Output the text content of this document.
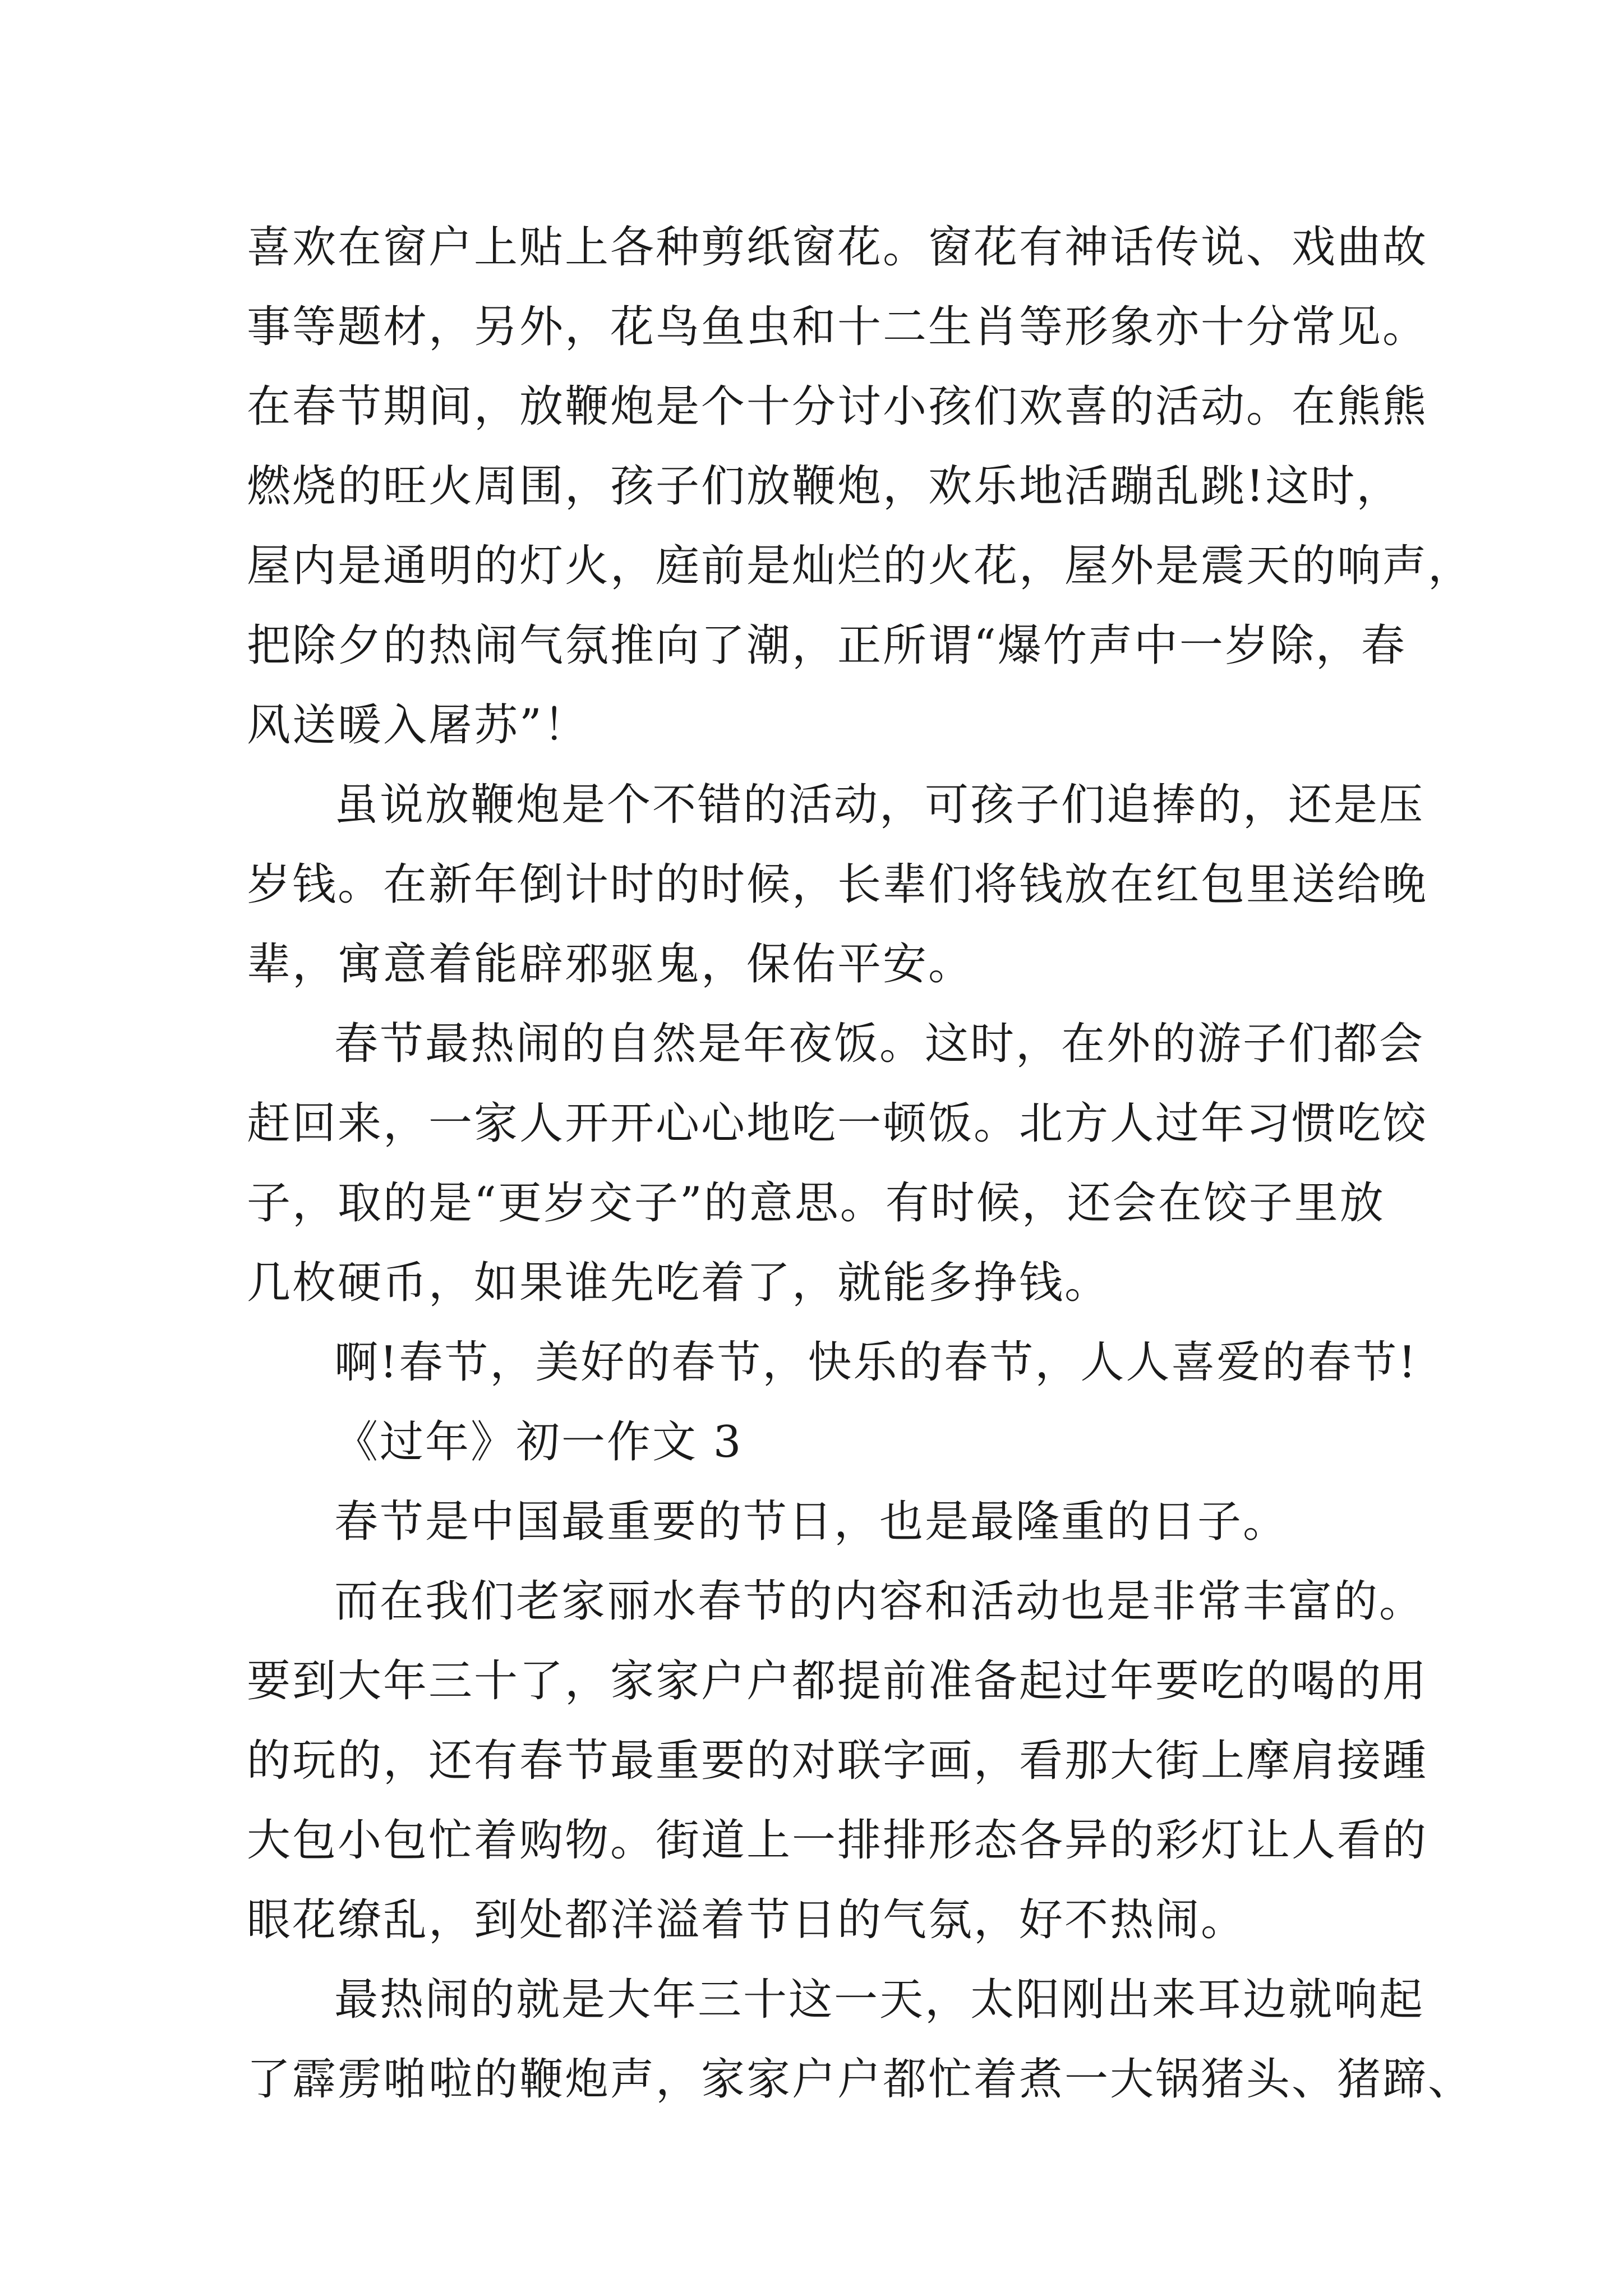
喜欢在窗户上贴上各种剪纸窗花。窗花有神话传说、戏曲故
事等题材，另外，花鸟鱼虫和十二生肖等形象亦十分常见。
在春节期间，放鞭炮是个十分讨小孩们欢喜的活动。在熊熊
燃烧的旺火周围，孩子们放鞭炮，欢乐地活蹦乱跳!这时，
屋内是通明的灯火，庭前是灿烂的火花，屋外是震天的响声，
把除夕的热闹气氛推向了潮，正所谓“爆竹声中一岁除，春
风送暖入屠苏”！
虽说放鞭炮是个不错的活动，可孩子们追捧的，还是压
岁钱。在新年倒计时的时候，长辈们将钱放在红包里送给晚
辈，寓意着能辟邪驱鬼，保佑平安。
春节最热闹的自然是年夜饭。这时，在外的游子们都会
赶回来，一家人开开心心地吃一顿饭。北方人过年习惯吃饺
子，取的是“更岁交子”的意思。有时候，还会在饺子里放
几枚硬币，如果谁先吃着了，就能多挣钱。
啊!春节，美好的春节，快乐的春节，人人喜爱的春节!
《过年》初一作文 3
春节是中国最重要的节日，也是最隆重的日子。
而在我们老家丽水春节的内容和活动也是非常丰富的。
要到大年三十了，家家户户都提前准备起过年要吃的喝的用
的玩的，还有春节最重要的对联字画，看那大街上摩肩接踵
大包小包忙着购物。街道上一排排形态各异的彩灯让人看的
眼花缭乱，到处都洋溢着节日的气氛，好不热闹。
最热闹的就是大年三十这一天，太阳刚出来耳边就响起
了霹雳啪啦的鞭炮声，家家户户都忙着煮一大锅猪头、猪蹄、
